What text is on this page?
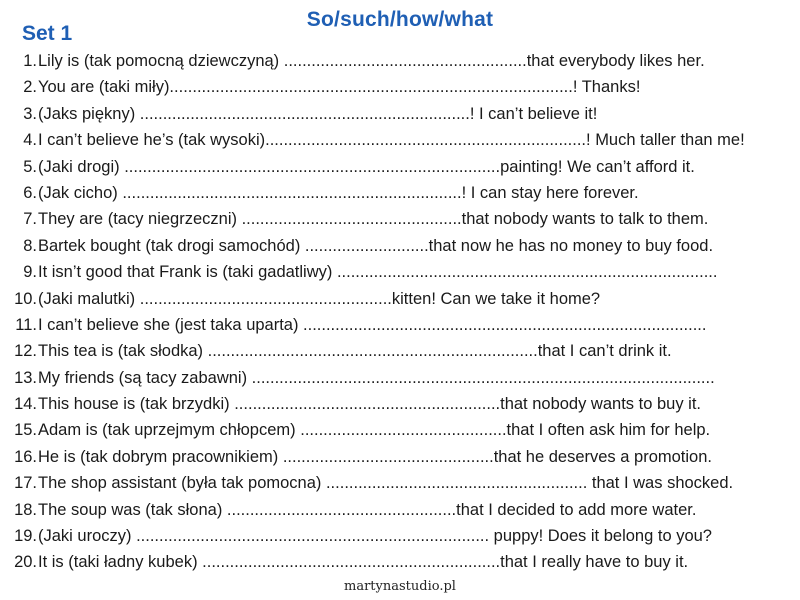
So/such/how/what
Set 1
1. Lily is (tak pomocną dziewczyną) .....................................................that everybody likes her.
2. You are (taki miły)........................................................................................! Thanks!
3. (Jaks piękny) ........................................................................! I can’t believe it!
4. I can’t believe he’s (tak wysoki)......................................................................! Much taller than me!
5. (Jaki drogi) ..................................................................................painting! We can’t afford it.
6. (Jak cicho) ..........................................................................! I can stay here forever.
7. They are (tacy niegrzeczni) ................................................that nobody wants to talk to them.
8. Bartek bought (tak drogi samochód) ...........................that now he has no money to buy food.
9. It isn’t good that Frank is (taki gadatliwy) ...................................................................................
10. (Jaki malutki) .......................................................kitten! Can we take it home?
11. I can’t believe she (jest taka uparta) ........................................................................................
12. This tea is (tak słodka) ........................................................................that I can’t drink it.
13. My friends (są tacy zabawni) .....................................................................................................
14. This house is (tak brzydki) ..........................................................that nobody wants to buy it.
15. Adam is (tak uprzejmym chłopcem) .............................................that I often ask him for help.
16. He is (tak dobrym pracownikiem) ..............................................that he deserves a promotion.
17. The shop assistant (była tak pomocna) ......................................................... that I was shocked.
18. The soup was (tak słona) ..................................................that I decided to add more water.
19. (Jaki uroczy) ............................................................................. puppy! Does it belong to you?
20. It is (taki ładny kubek) .................................................................that I really have to buy it.
martynastudio.pl
